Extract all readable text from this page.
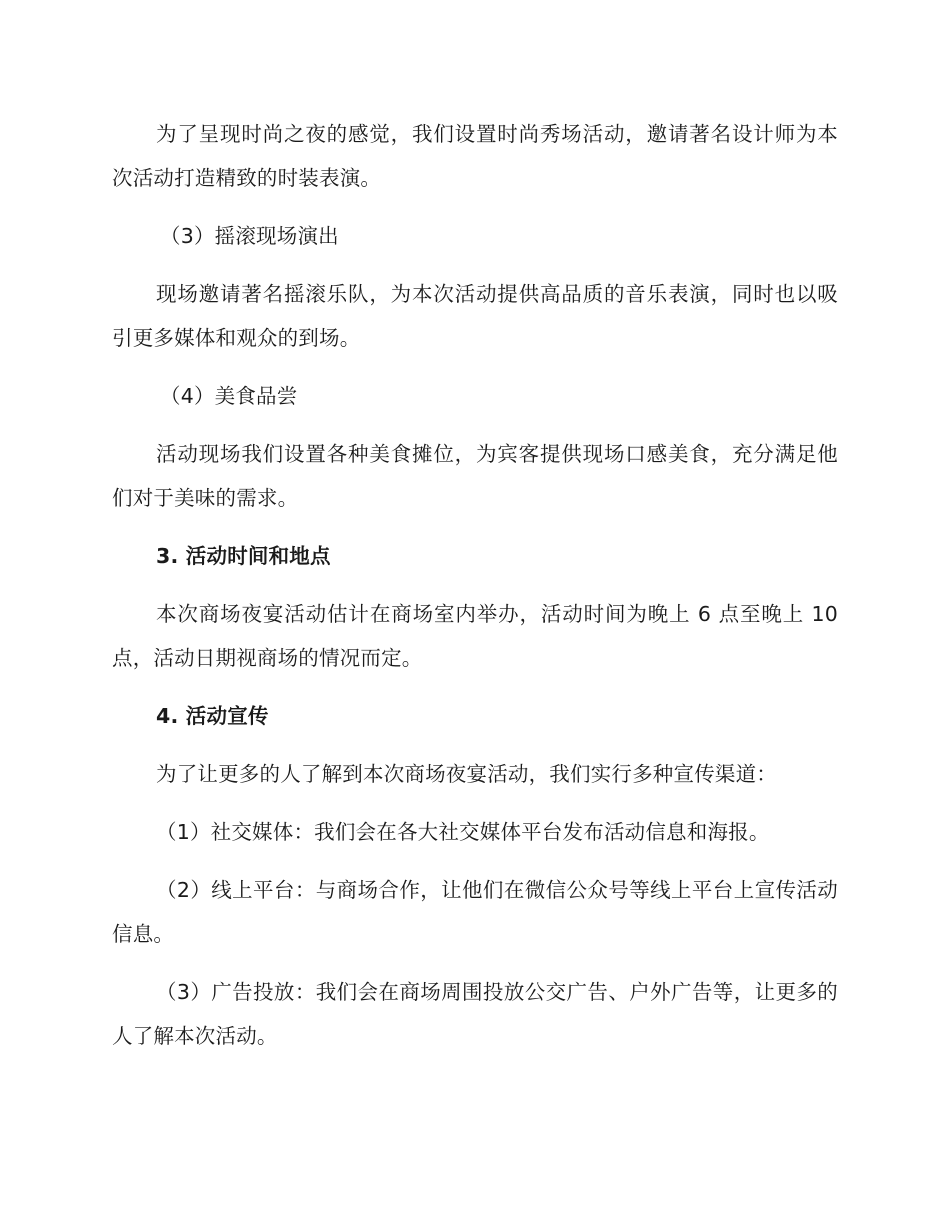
为了呈现时尚之夜的感觉，我们设置时尚秀场活动，邀请著名设计师为本次活动打造精致的时装表演。

（3）摇滚现场演出

现场邀请著名摇滚乐队，为本次活动提供高品质的音乐表演，同时也以吸引更多媒体和观众的到场。

（4）美食品尝

活动现场我们设置各种美食摊位，为宾客提供现场口感美食，充分满足他们对于美味的需求。

3. 活动时间和地点

本次商场夜宴活动估计在商场室内举办，活动时间为晚上 6 点至晚上 10 点，活动日期视商场的情况而定。

4. 活动宣传

为了让更多的人了解到本次商场夜宴活动，我们实行多种宣传渠道：

（1）社交媒体：我们会在各大社交媒体平台发布活动信息和海报。

（2）线上平台：与商场合作，让他们在微信公众号等线上平台上宣传活动信息。

（3）广告投放：我们会在商场周围投放公交广告、户外广告等，让更多的人了解本次活动。
